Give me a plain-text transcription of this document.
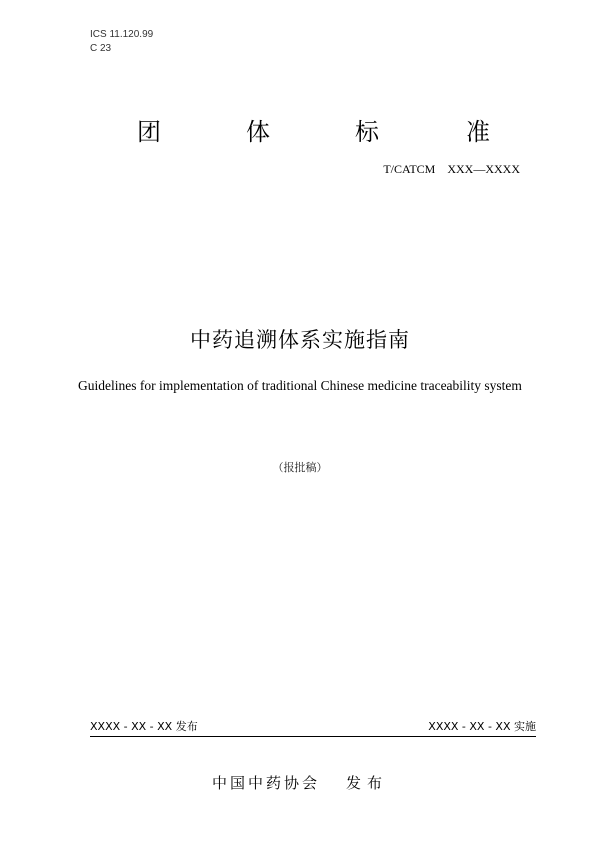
ICS 11.120.99
C 23
团	体	标	准
T/CATCM　XXX—XXXX
中药追溯体系实施指南
Guidelines for implementation of traditional Chinese medicine traceability system
（报批稿）
XXXX - XX - XX 发布	XXXX - XX - XX 实施
中国中药协会 发布
